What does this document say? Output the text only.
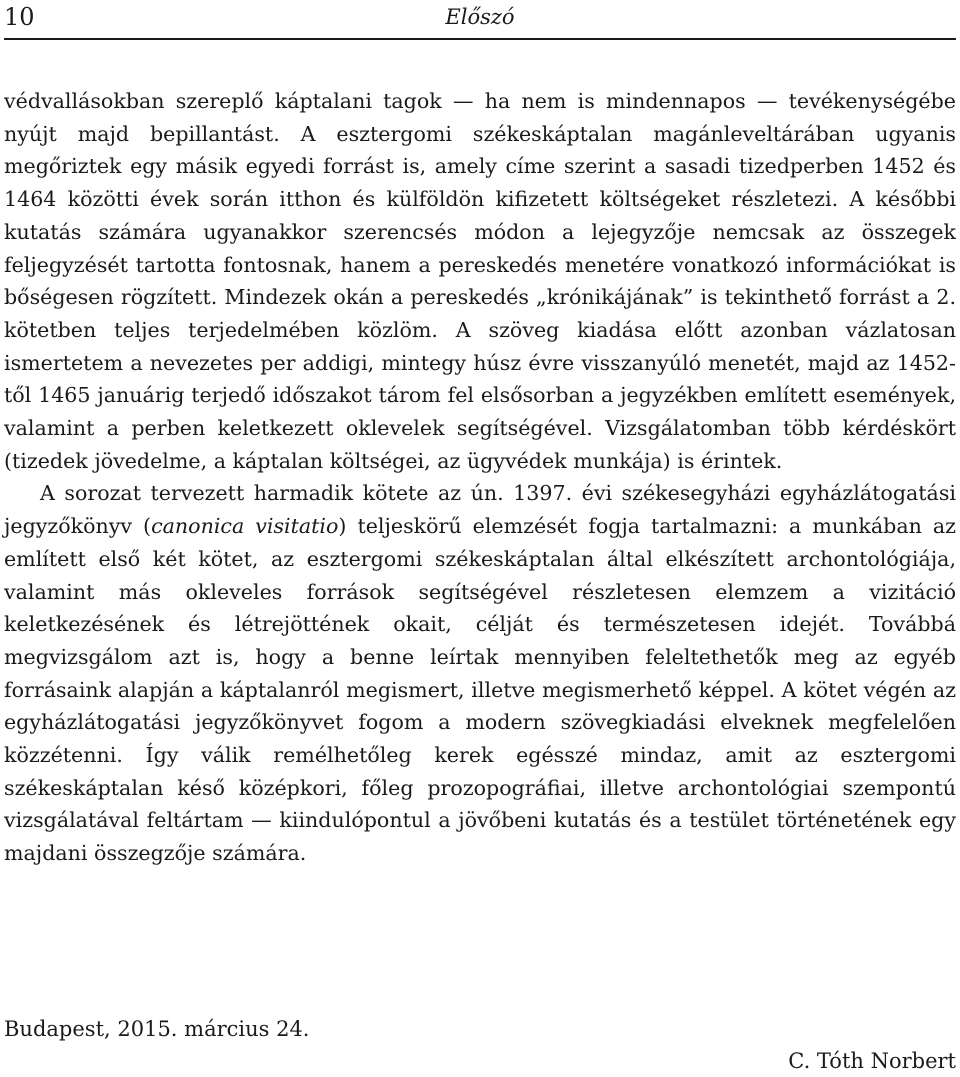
10	Előszó

védvallásokban szereplő káptalani tagok — ha nem is mindennapos — tevékenységébe nyújt majd bepillantást. A esztergomi székeskáptalan magánleveltárában ugyanis megőriztek egy másik egyedi forrást is, amely címe szerint a sasadi tizedperben 1452 és 1464 közötti évek során itthon és külföldön kifizetett költségeket részletezi. A későbbi kutatás számára ugyanakkor szerencsés módon a lejegyzője nemcsak az összegek feljegyzését tartotta fontosnak, hanem a pereskedés menetére vonatkozó információkat is bőségesen rögzített. Mindezek okán a pereskedés „krónikájának” is tekinthető forrást a 2. kötetben teljes terjedelmében közlöm. A szöveg kiadása előtt azonban vázlatosan ismertetem a nevezetes per addigi, mintegy húsz évre visszanyúló menetét, majd az 1452-től 1465 januárig terjedő időszakot tárom fel elsősorban a jegyzékben említett események, valamint a perben keletkezett oklevelek segítségével. Vizsgálatomban több kérdéskört (tizedek jövedelme, a káptalan költségei, az ügyvédek munkája) is érintek.

A sorozat tervezett harmadik kötete az ún. 1397. évi székesegyházi egyházlátogatási jegyzőkönyv (canonica visitatio) teljeskörű elemzését fogja tartalmazni: a munkában az említett első két kötet, az esztergomi székeskáptalan által elkészített archontológiája, valamint más okleveles források segítségével részletesen elemzem a vizitáció keletkezésének és létrejöttének okait, célját és természetesen idejét. Továbbá megvizsgálom azt is, hogy a benne leírtak mennyiben feleltethetők meg az egyéb forrásaink alapján a káptalanról megismert, illetve megismerhető képpel. A kötet végén az egyházlátogatási jegyzőkönyvet fogom a modern szövegkiadási elveknek megfelelően közzétenni. Így válik remélhetőleg kerek egésszé mindaz, amit az esztergomi székeskáptalan késő középkori, főleg prozopográfiai, illetve archontológiai szempontú vizsgálatával feltártam — kiindulópontul a jövőbeni kutatás és a testület történetének egy majdani összegzője számára.

Budapest, 2015. március 24.
C. Tóth Norbert
